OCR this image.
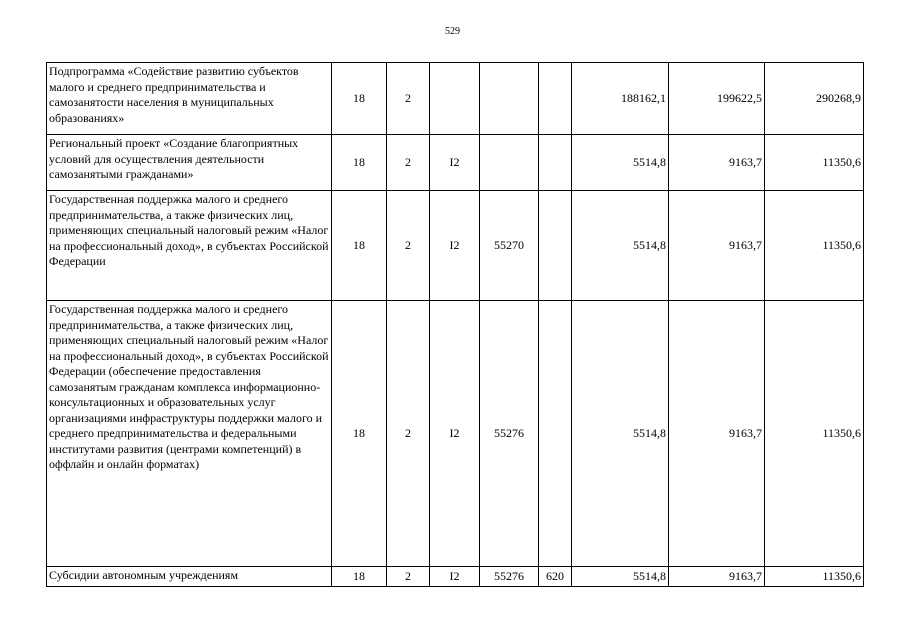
529
Подпрограмма «Содействие развитию субъектов малого и среднего предпринимательства и самозанятости населения в муниципальных образованиях»	18	2				188162,1	199622,5	290268,9
Региональный проект «Создание благоприятных условий для осуществления деятельности самозанятыми гражданами»	18	2	I2			5514,8	9163,7	11350,6
Государственная поддержка малого и среднего предпринимательства, а также физических лиц, применяющих специальный налоговый режим «Налог на профессиональный доход», в субъектах Российской Федерации	18	2	I2	55270		5514,8	9163,7	11350,6
Государственная поддержка малого и среднего предпринимательства, а также физических лиц, применяющих специальный налоговый режим «Налог на профессиональный доход», в субъектах Российской Федерации (обеспечение предоставления самозанятым гражданам комплекса информационно-консультационных и образовательных услуг организациями инфраструктуры поддержки малого и среднего предпринимательства и федеральными институтами развития (центрами компетенций) в оффлайн и онлайн форматах)	18	2	I2	55276		5514,8	9163,7	11350,6
Субсидии автономным учреждениям	18	2	I2	55276	620	5514,8	9163,7	11350,6
